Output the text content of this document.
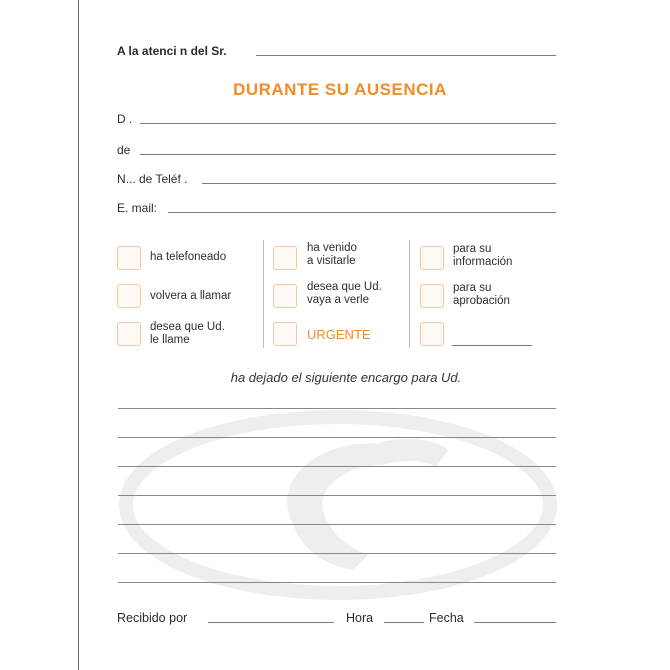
A la atenci n del Sr.
DURANTE SU AUSENCIA
D .
de
N... de Teléf .
E. mail:
ha telefoneado
volvera a llamar
desea que Ud.
le llame
ha venido
a visitarle
desea que Ud.
vaya a verle
URGENTE
para su
información
para su
aprobación
ha dejado el siguiente encargo para Ud.
Recibido por	Hora	Fecha
